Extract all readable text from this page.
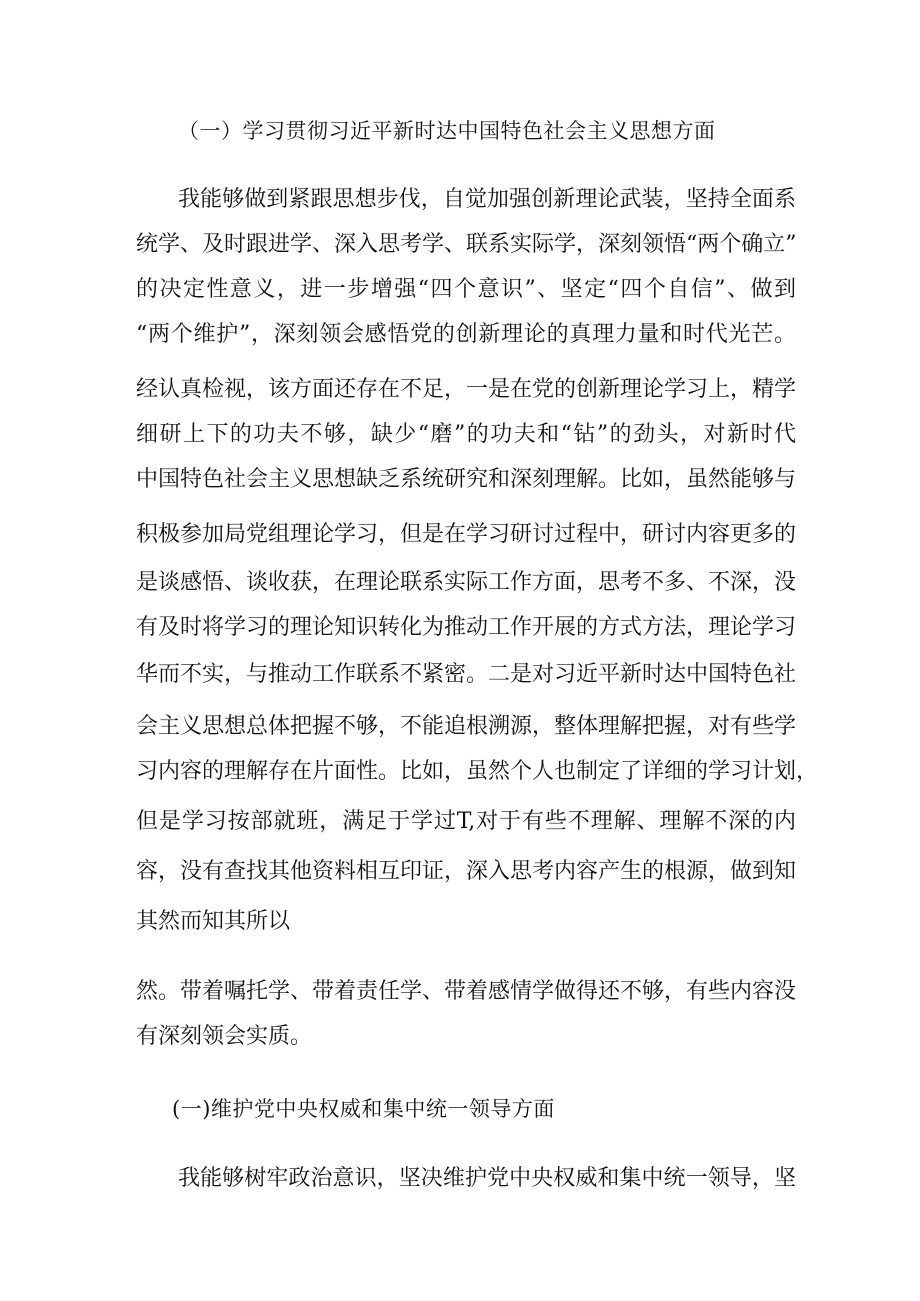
（一）学习贯彻习近平新时达中国特色社会主义思想方面

我能够做到紧跟思想步伐，自觉加强创新理论武装，坚持全面系

统学、及时跟进学、深入思考学、联系实际学，深刻领悟“两个确立”

的决定性意义，进一步增强“四个意识”、坚定“四个自信”、做到

“两个维护”，深刻领会感悟党的创新理论的真理力量和时代光芒。

经认真检视，该方面还存在不足，一是在党的创新理论学习上，精学

细研上下的功夫不够，缺少“磨”的功夫和“钻”的劲头，对新时代

中国特色社会主义思想缺乏系统研究和深刻理解。比如，虽然能够与

积极参加局党组理论学习，但是在学习研讨过程中，研讨内容更多的

是谈感悟、谈收获，在理论联系实际工作方面，思考不多、不深，没

有及时将学习的理论知识转化为推动工作开展的方式方法，理论学习

华而不实，与推动工作联系不紧密。二是对习近平新时达中国特色社

会主义思想总体把握不够，不能追根溯源，整体理解把握，对有些学

习内容的理解存在片面性。比如，虽然个人也制定了详细的学习计划，

但是学习按部就班，满足于学过T,对于有些不理解、理解不深的内

容，没有查找其他资料相互印证，深入思考内容产生的根源，做到知

其然而知其所以

然。带着嘱托学、带着责任学、带着感情学做得还不够，有些内容没

有深刻领会实质。

(一)维护党中央权威和集中统一领导方面

我能够树牢政治意识，坚决维护党中央权威和集中统一领导，坚
